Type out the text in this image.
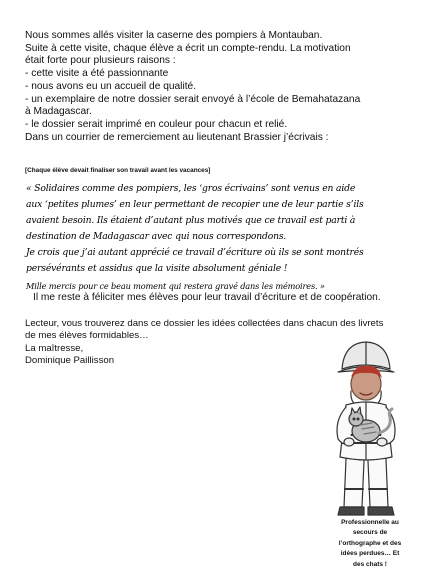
Nous sommes allés visiter la caserne des pompiers à Montauban.

Suite à cette visite, chaque élève a écrit un compte-rendu. La motivation

était forte pour plusieurs raisons :

- cette visite a été passionnante

- nous avons eu un accueil de qualité.

- un exemplaire de notre dossier serait envoyé à l’école de Bemahatazana

à Madagascar.

- le dossier serait imprimé en couleur pour chacun et relié.

Dans un courrier de remerciement au lieutenant Brassier j’écrivais :

[Chaque élève devait finaliser son travail avant les vacances]

« Solidaires comme des pompiers, les ‘gros écrivains’ sont venus en aide

aux ‘petites plumes’ en leur permettant de recopier une de leur partie s’ils

avaient besoin. Ils étaient d’autant plus motivés que ce travail est parti à

destination de Madagascar avec qui nous correspondons.

Je crois que j’ai autant apprécié ce travail d’écriture où ils se sont montrés

persévérants et assidus que la visite absolument géniale !

Mille mercis pour ce beau moment qui restera gravé dans les mémoires. »

Il me reste à féliciter mes élèves pour leur travail d’écriture et de coopération.

Lecteur, vous trouverez dans ce dossier les idées collectées dans chacun des livrets

de mes élèves formidables…

La maîtresse,

Dominique Paillisson

Professionnelle au
secours de
l’orthographe et des
idées perdues… Et
des chats !
